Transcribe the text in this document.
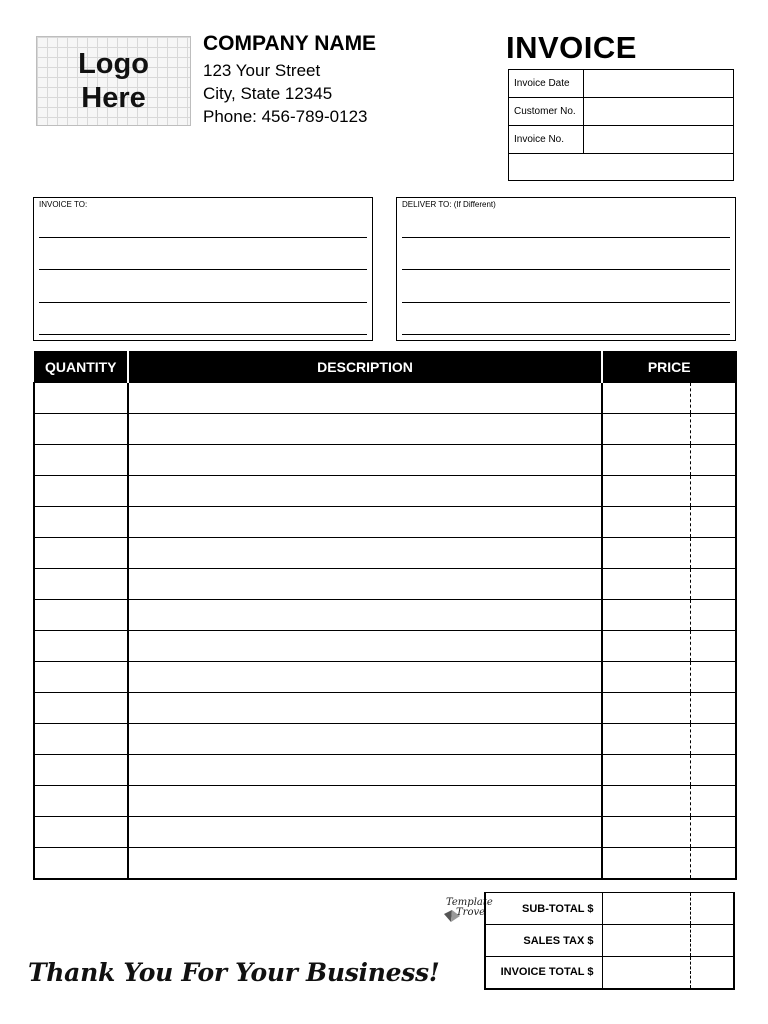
Logo
Here
COMPANY NAME
123 Your Street
City, State 12345
Phone: 456-789-0123
INVOICE
Invoice Date	
Customer No.	
Invoice No.	

INVOICE TO:	DELIVER TO: (If Different)
QUANTITY	DESCRIPTION	PRICE

Template
Trove	SUB-TOTAL $	

SALES TAX $	

INVOICE TOTAL $	
Thank You For Your Business!
